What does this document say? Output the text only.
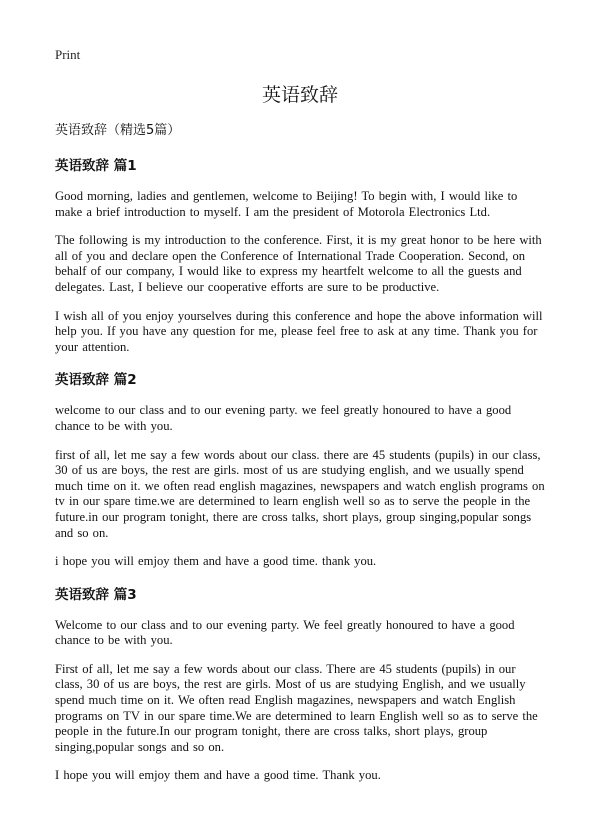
Print
英语致辞

英语致辞（精选5篇）

英语致辞 篇1

Good morning, ladies and gentlemen, welcome to Beijing! To begin with, I would like to make a brief introduction to myself. I am the president of Motorola Electronics Ltd.

The following is my introduction to the conference. First, it is my great honor to be here with all of you and declare open the Conference of International Trade Cooperation. Second, on behalf of our company, I would like to express my heartfelt welcome to all the guests and delegates. Last, I believe our cooperative efforts are sure to be productive.

I wish all of you enjoy yourselves during this conference and hope the above information will help you. If you have any question for me, please feel free to ask at any time. Thank you for your attention.

英语致辞 篇2

welcome to our class and to our evening party. we feel greatly honoured to have a good chance to be with you.

first of all, let me say a few words about our class. there are 45 students (pupils) in our class, 30 of us are boys, the rest are girls. most of us are studying english, and we usually spend much time on it. we often read english magazines, newspapers and watch english programs on tv in our spare time.we are determined to learn english well so as to serve the people in the future.in our program tonight, there are cross talks, short plays, group singing,popular songs and so on.

i hope you will emjoy them and have a good time. thank you.

英语致辞 篇3

Welcome to our class and to our evening party. We feel greatly honoured to have a good chance to be with you.

First of all, let me say a few words about our class. There are 45 students (pupils) in our class, 30 of us are boys, the rest are girls. Most of us are studying English, and we usually spend much time on it. We often read English magazines, newspapers and watch English programs on TV in our spare time.We are determined to learn English well so as to serve the people in the future.In our program tonight, there are cross talks, short plays, group singing,popular songs and so on.

I hope you will emjoy them and have a good time. Thank you.
